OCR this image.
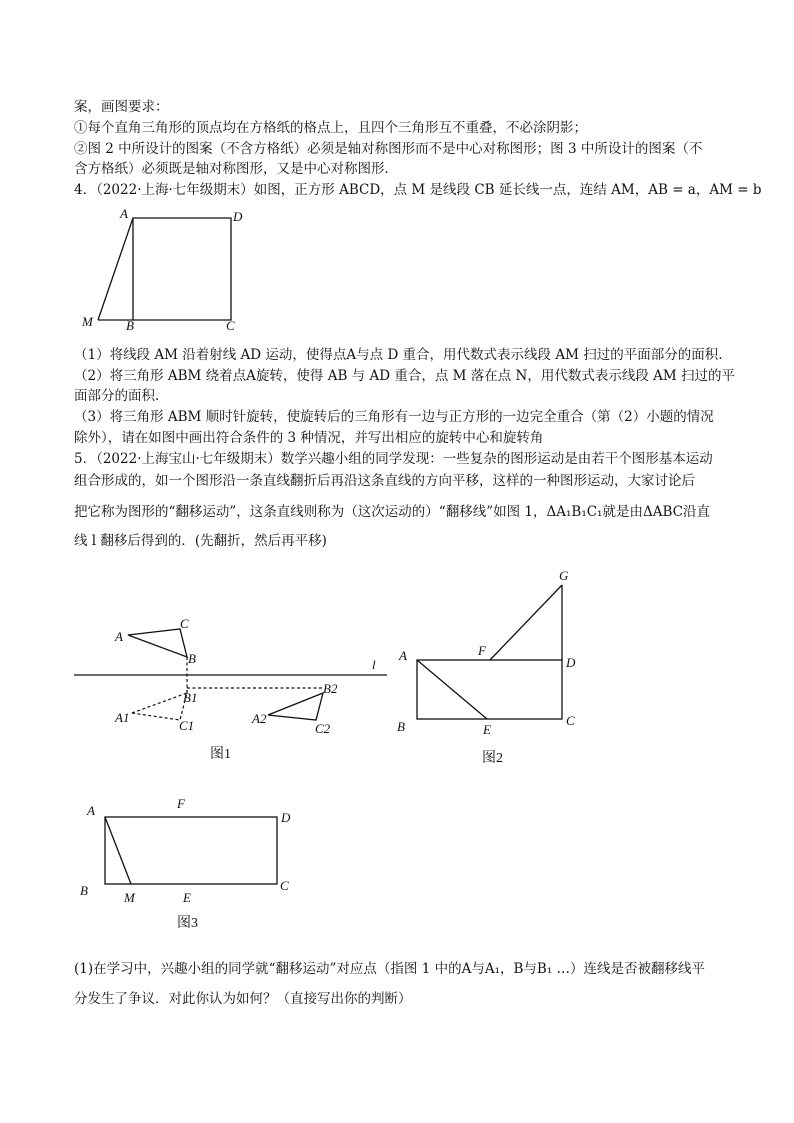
案，画图要求：
①每个直角三角形的顶点均在方格纸的格点上，且四个三角形互不重叠，不必涂阴影；
②图 2 中所设计的图案（不含方格纸）必须是轴对称图形而不是中心对称图形；图 3 中所设计的图案（不
含方格纸）必须既是轴对称图形，又是中心对称图形．
4．（2022·上海·七年级期末）如图，正方形 ABCD，点 M 是线段 CB 延长线一点，连结 AM，AB = a，AM = b
A	D
M	B	C
（1）将线段 AM 沿着射线 AD 运动，使得点A与点 D 重合，用代数式表示线段 AM 扫过的平面部分的面积.
（2）将三角形 ABM 绕着点A旋转，使得 AB 与 AD 重合，点 M 落在点 N，用代数式表示线段 AM 扫过的平
面部分的面积.
（3）将三角形 ABM 顺时针旋转，使旋转后的三角形有一边与正方形的一边完全重合（第（2）小题的情况
除外），请在如图中画出符合条件的 3 种情况，并写出相应的旋转中心和旋转角
5．（2022·上海宝山·七年级期末）数学兴趣小组的同学发现：一些复杂的图形运动是由若干个图形基本运动
组合形成的，如一个图形沿一条直线翻折后再沿这条直线的方向平移，这样的一种图形运动，大家讨论后
把它称为图形的“翻移运动”，这条直线则称为（这次运动的）“翻移线”如图 1，ΔA₁B₁C₁就是由ΔABC沿直
线 l 翻移后得到的．(先翻折，然后再平移)
l
A
C
B
A1
B1
C1	A2
B2
C2
图1
A	F
G
D
B	E
C
图2
A	F
D
B	M	E
C
图3
(1)在学习中，兴趣小组的同学就“翻移运动”对应点（指图 1 中的A与A₁，B与B₁ …）连线是否被翻移线平
分发生了争议．对此你认为如何？（直接写出你的判断）
